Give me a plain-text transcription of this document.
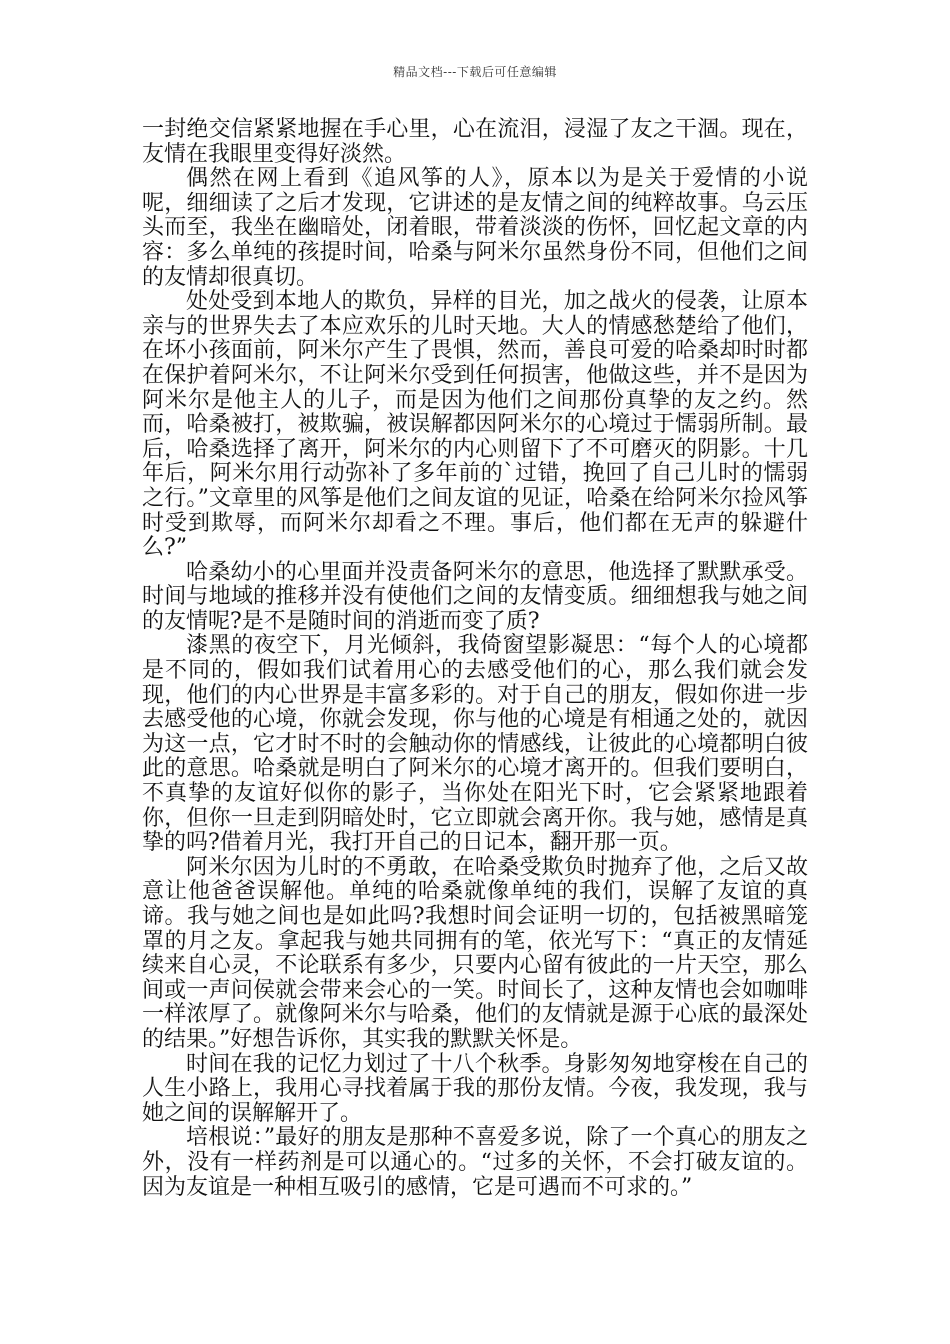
精品文档---下载后可任意编辑

一封绝交信紧紧地握在手心里，心在流泪，浸湿了友之干涸。现在，友情在我眼里变得好淡然。

偶然在网上看到《追风筝的人》，原本以为是关于爱情的小说呢，细细读了之后才发现，它讲述的是友情之间的纯粹故事。乌云压头而至，我坐在幽暗处，闭着眼，带着淡淡的伤怀，回忆起文章的内容：多么单纯的孩提时间，哈桑与阿米尔虽然身份不同，但他们之间的友情却很真切。

处处受到本地人的欺负，异样的目光，加之战火的侵袭，让原本亲与的世界失去了本应欢乐的儿时天地。大人的情感愁楚给了他们，在坏小孩面前，阿米尔产生了畏惧，然而，善良可爱的哈桑却时时都在保护着阿米尔，不让阿米尔受到任何损害，他做这些，并不是因为阿米尔是他主人的儿子，而是因为他们之间那份真挚的友之约。然而，哈桑被打，被欺骗，被误解都因阿米尔的心境过于懦弱所制。最后，哈桑选择了离开，阿米尔的内心则留下了不可磨灭的阴影。十几年后，阿米尔用行动弥补了多年前的`过错，挽回了自己儿时的懦弱之行。”文章里的风筝是他们之间友谊的见证，哈桑在给阿米尔捡风筝时受到欺辱，而阿米尔却看之不理。事后，他们都在无声的躲避什么?”

哈桑幼小的心里面并没责备阿米尔的意思，他选择了默默承受。时间与地域的推移并没有使他们之间的友情变质。细细想我与她之间的友情呢?是不是随时间的消逝而变了质?

漆黑的夜空下，月光倾斜，我倚窗望影凝思：“每个人的心境都是不同的，假如我们试着用心的去感受他们的心，那么我们就会发现，他们的内心世界是丰富多彩的。对于自己的朋友，假如你进一步去感受他的心境，你就会发现，你与他的心境是有相通之处的，就因为这一点，它才时不时的会触动你的情感线，让彼此的心境都明白彼此的意思。哈桑就是明白了阿米尔的心境才离开的。但我们要明白，不真挚的友谊好似你的影子，当你处在阳光下时，它会紧紧地跟着你，但你一旦走到阴暗处时，它立即就会离开你。我与她，感情是真挚的吗?借着月光，我打开自己的日记本，翻开那一页。

阿米尔因为儿时的不勇敢，在哈桑受欺负时抛弃了他，之后又故意让他爸爸误解他。单纯的哈桑就像单纯的我们，误解了友谊的真谛。我与她之间也是如此吗?我想时间会证明一切的，包括被黑暗笼罩的月之友。拿起我与她共同拥有的笔，依光写下：“真正的友情延续来自心灵，不论联系有多少，只要内心留有彼此的一片天空，那么间或一声问侯就会带来会心的一笑。时间长了，这种友情也会如咖啡一样浓厚了。就像阿米尔与哈桑，他们的友情就是源于心底的最深处的结果。”好想告诉你，其实我的默默关怀是。

时间在我的记忆力划过了十八个秋季。身影匆匆地穿梭在自己的人生小路上，我用心寻找着属于我的那份友情。今夜，我发现，我与她之间的误解解开了。

培根说：”最好的朋友是那种不喜爱多说，除了一个真心的朋友之外，没有一样药剂是可以通心的。“过多的关怀，不会打破友谊的。因为友谊是一种相互吸引的感情，它是可遇而不可求的。”
